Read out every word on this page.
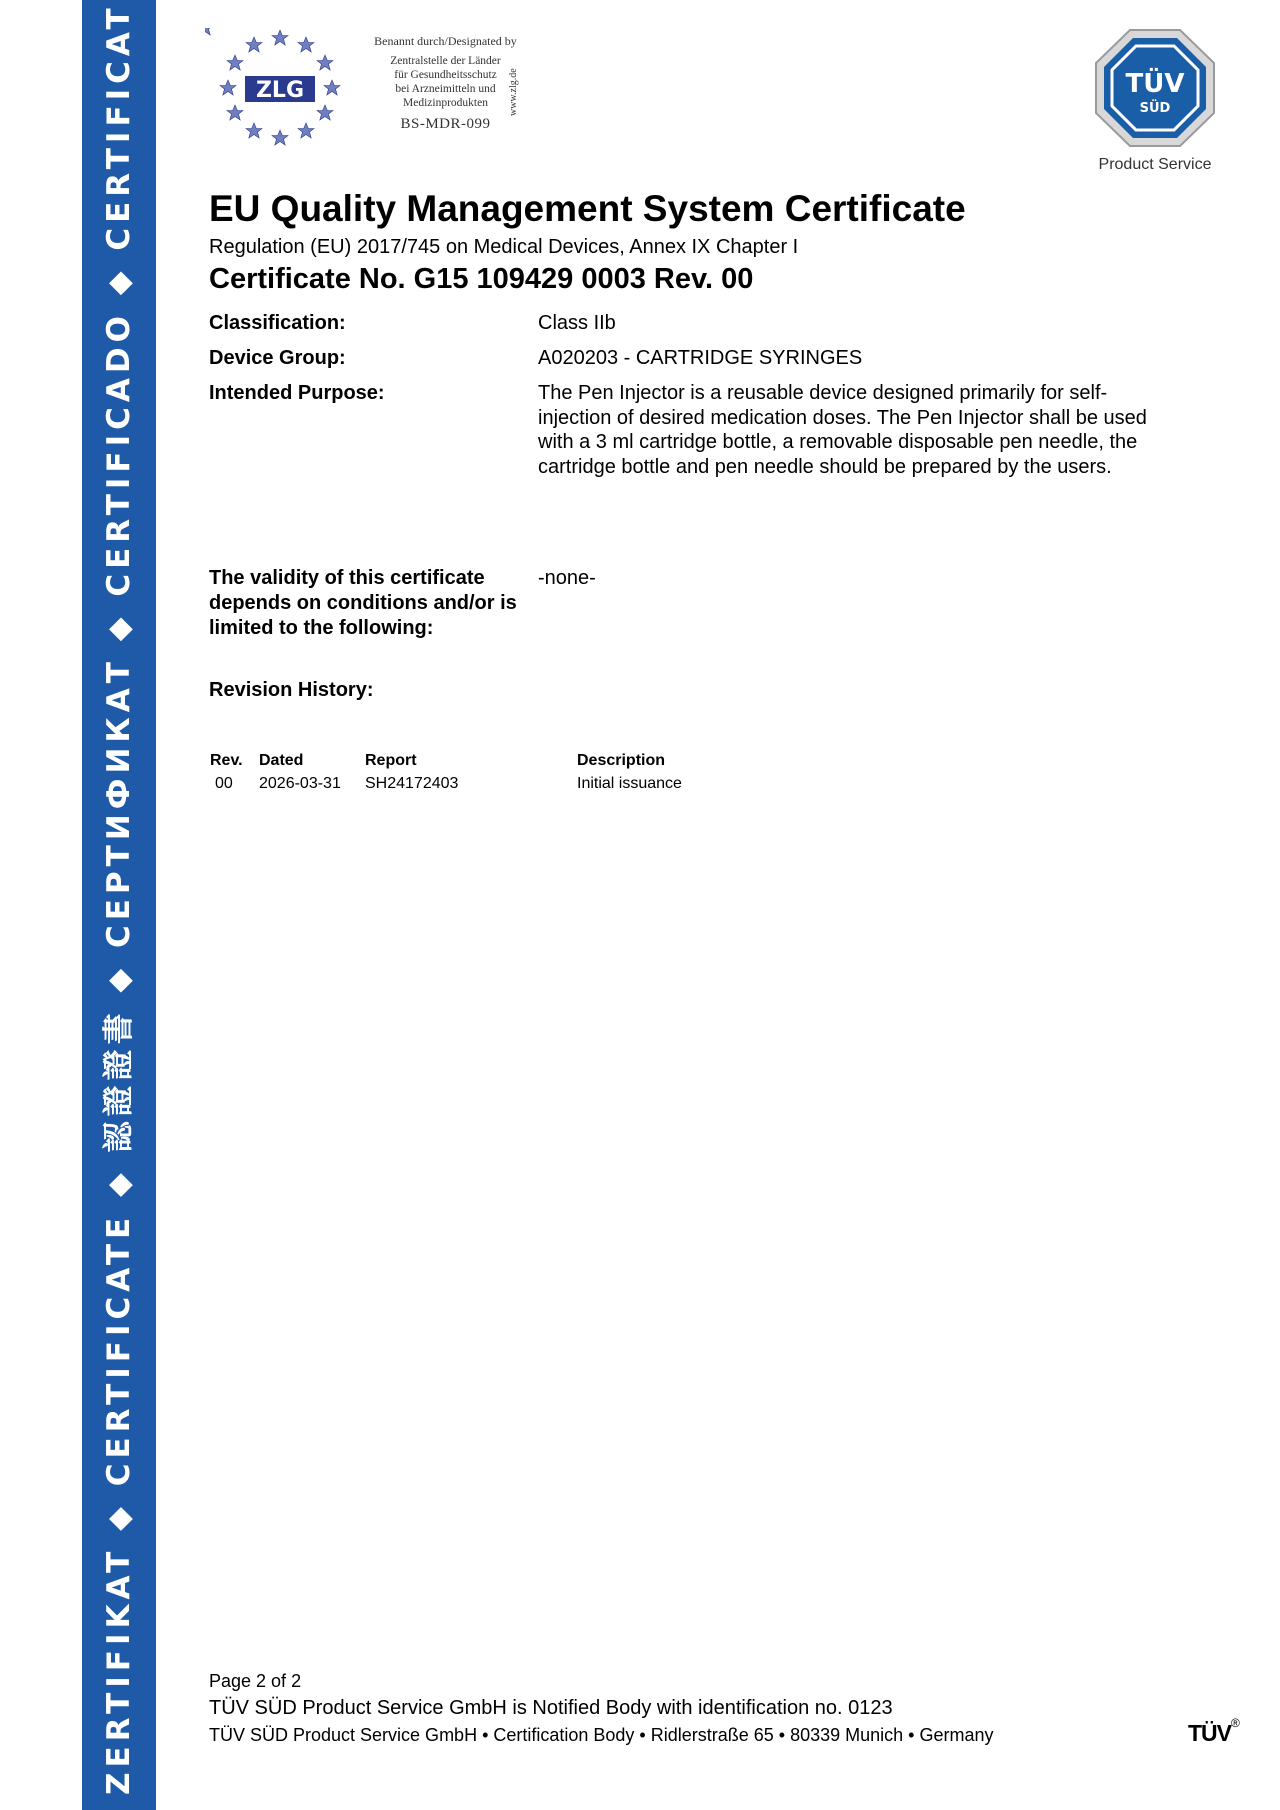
ZERTIFIKAT ◆ CERTIFICATE ◆ 認證證書 ◆ СЕРТИФИКАТ ◆ CERTIFICADO ◆ CERTIFICAT	ZLG
Benannt durch/Designated by
Zentralstelle der Länder
für Gesundheitsschutz
bei Arzneimitteln und
Medizinprodukten
BS-MDR-099
www.zlg.de	TÜV
SÜD
Product Service
EU Quality Management System Certificate
Regulation (EU) 2017/745 on Medical Devices, Annex IX Chapter I
Certificate No. G15 109429 0003 Rev. 00
Classification:	Class IIb
Device Group:	A020203 - CARTRIDGE SYRINGES
Intended Purpose:	The Pen Injector is a reusable device designed primarily for self-injection of desired medication doses. The Pen Injector shall be used with a 3 ml cartridge bottle, a removable disposable pen needle, the cartridge bottle and pen needle should be prepared by the users.
The validity of this certificate depends on conditions and/or is limited to the following:
-none-
Revision History:
Rev. Dated	Report	Description
00 2026-03-31 SH24172403	Initial issuance
Page 2 of 2
TÜV SÜD Product Service GmbH is Notified Body with identification no. 0123
TÜV SÜD Product Service GmbH • Certification Body • Ridlerstraße 65 • 80339 Munich • Germany	TÜV®
